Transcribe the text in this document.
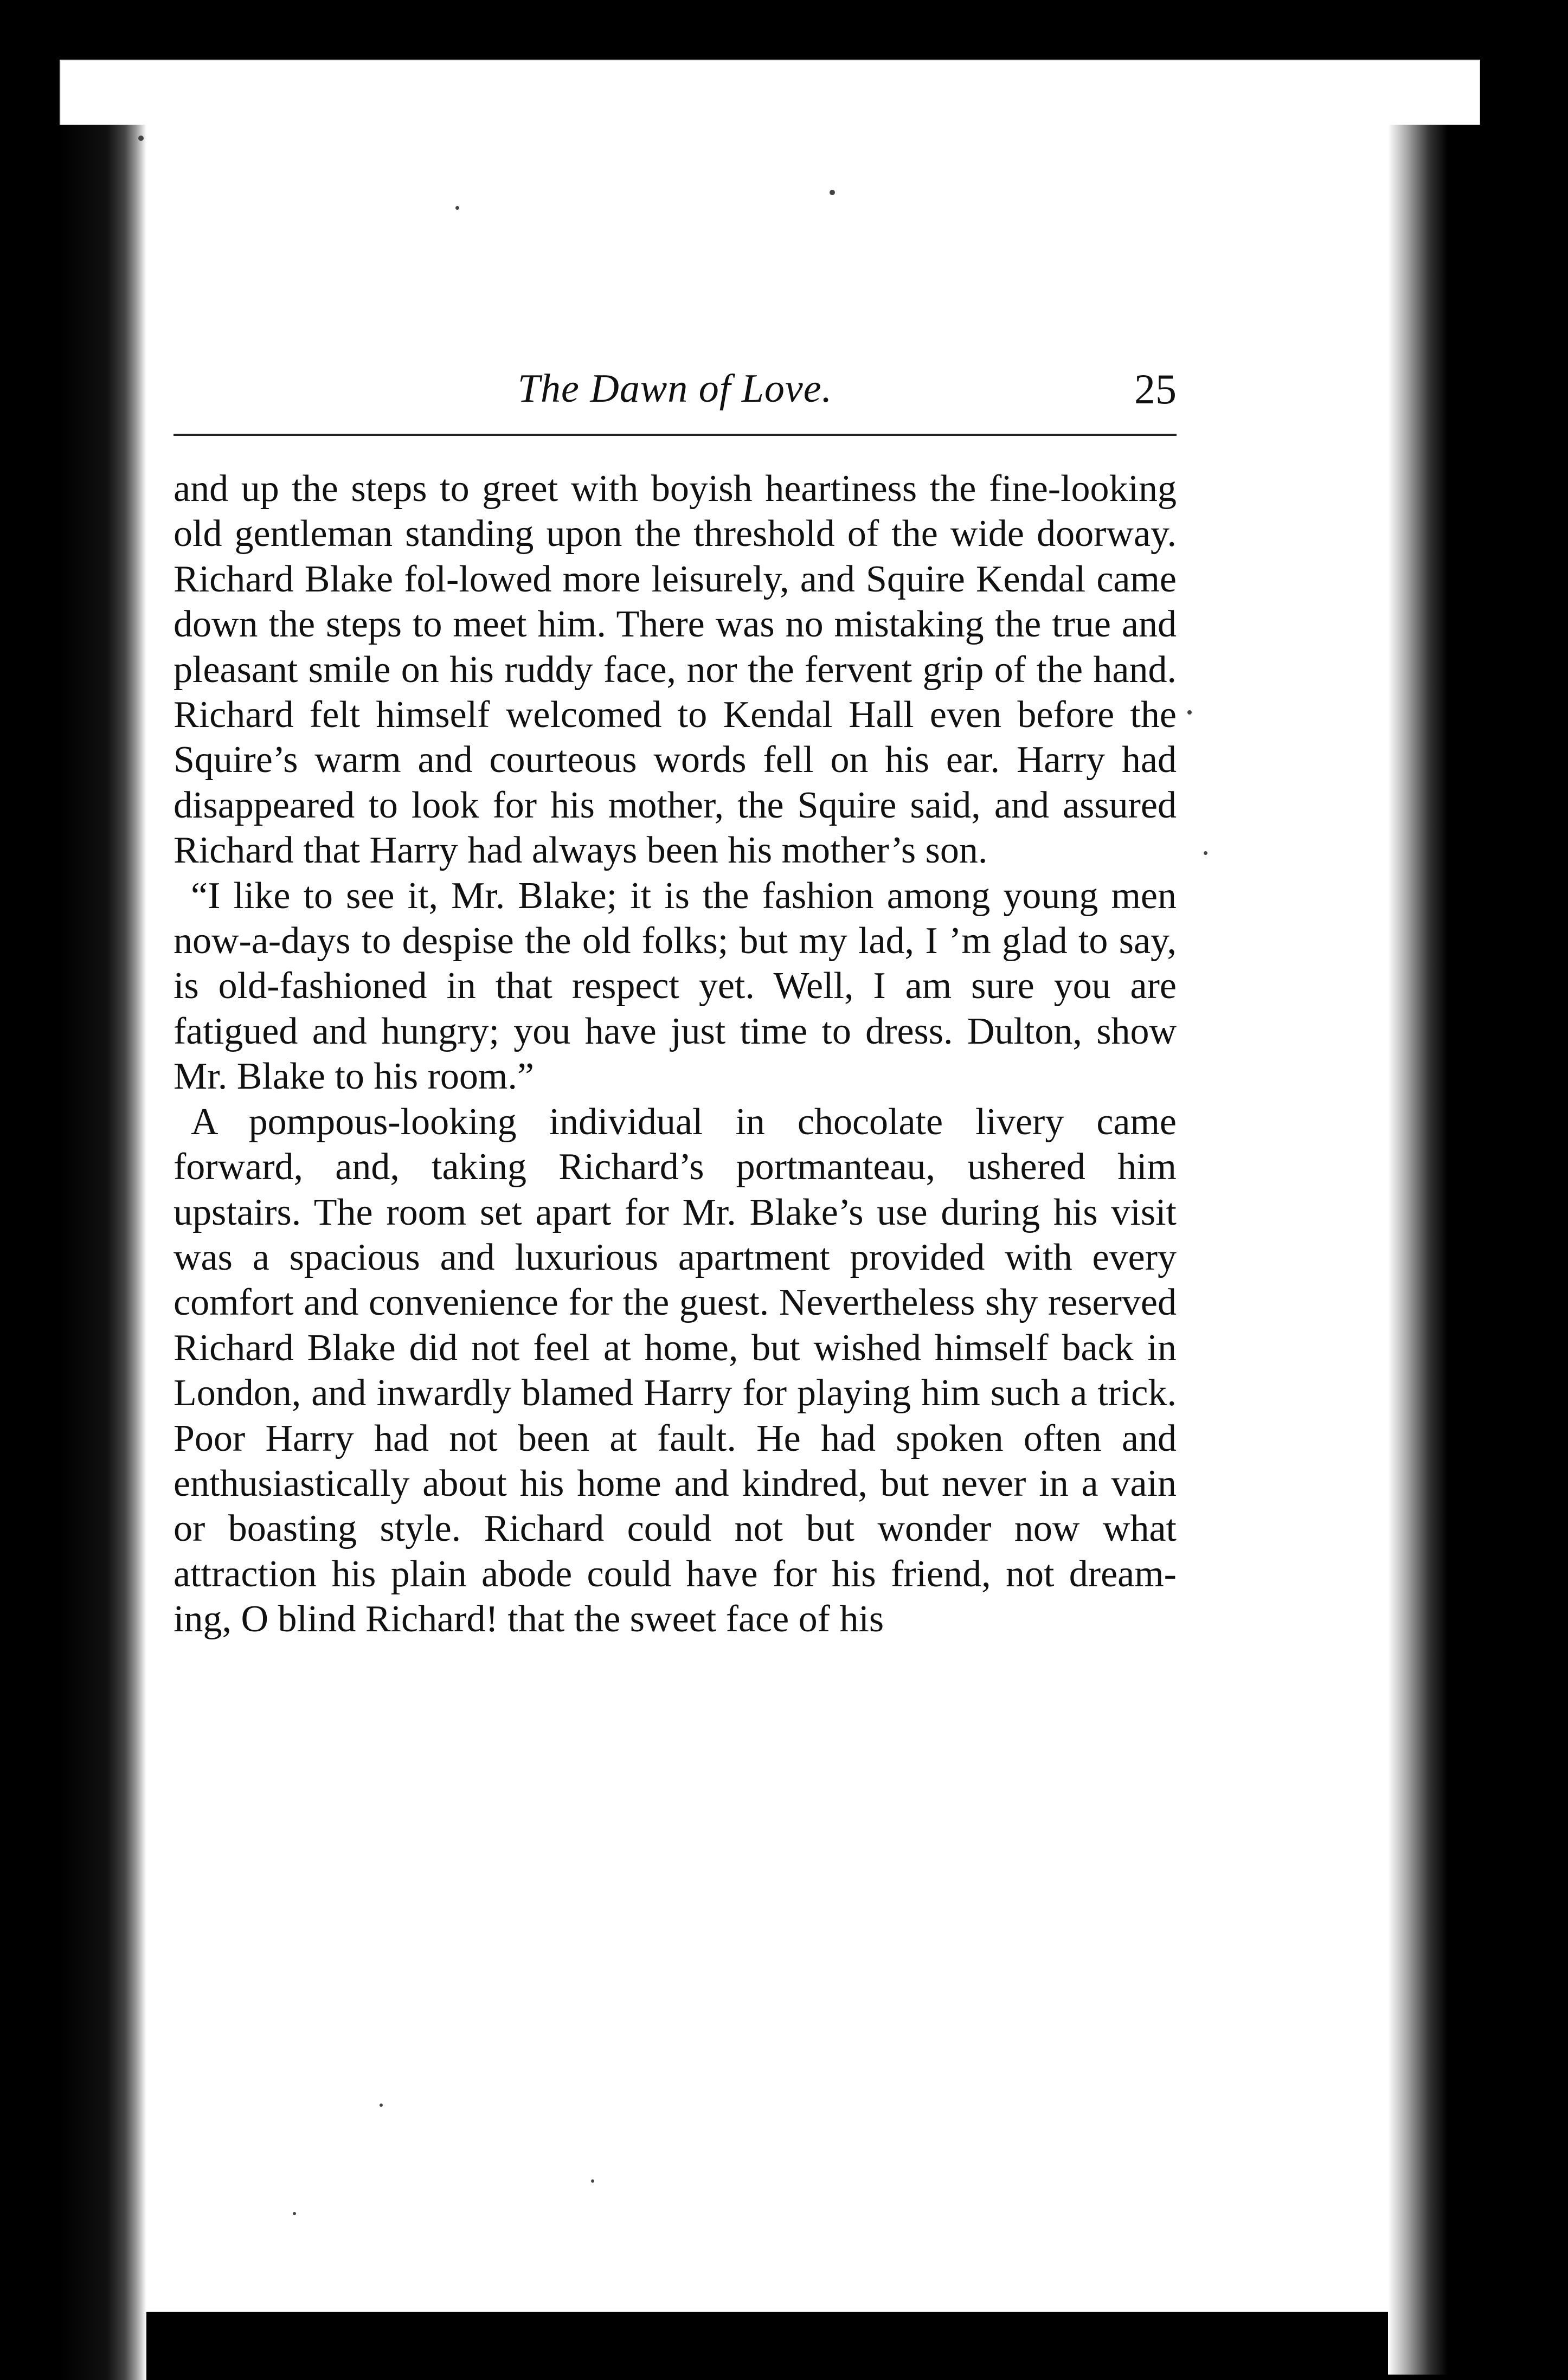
The Dawn of Love.	25

and up the steps to greet with boyish heartiness the fine-looking old gentleman standing upon the threshold of the wide doorway. Richard Blake fol-lowed more leisurely, and Squire Kendal came down the steps to meet him. There was no mistaking the true and pleasant smile on his ruddy face, nor the fervent grip of the hand. Richard felt himself welcomed to Kendal Hall even before the Squire’s warm and courteous words fell on his ear. Harry had disappeared to look for his mother, the Squire said, and assured Richard that Harry had always been his mother’s son.

“I like to see it, Mr. Blake; it is the fashion among young men now-a-days to despise the old folks; but my lad, I ’m glad to say, is old-fashioned in that respect yet. Well, I am sure you are fatigued and hungry; you have just time to dress. Dulton, show Mr. Blake to his room.”

A pompous-looking individual in chocolate livery came forward, and, taking Richard’s portmanteau, ushered him upstairs. The room set apart for Mr. Blake’s use during his visit was a spacious and luxurious apartment provided with every comfort and convenience for the guest. Nevertheless shy reserved Richard Blake did not feel at home, but wished himself back in London, and inwardly blamed Harry for playing him such a trick. Poor Harry had not been at fault. He had spoken often and enthusiastically about his home and kindred, but never in a vain or boasting style. Richard could not but wonder now what attraction his plain abode could have for his friend, not dream-ing, O blind Richard! that the sweet face of his
